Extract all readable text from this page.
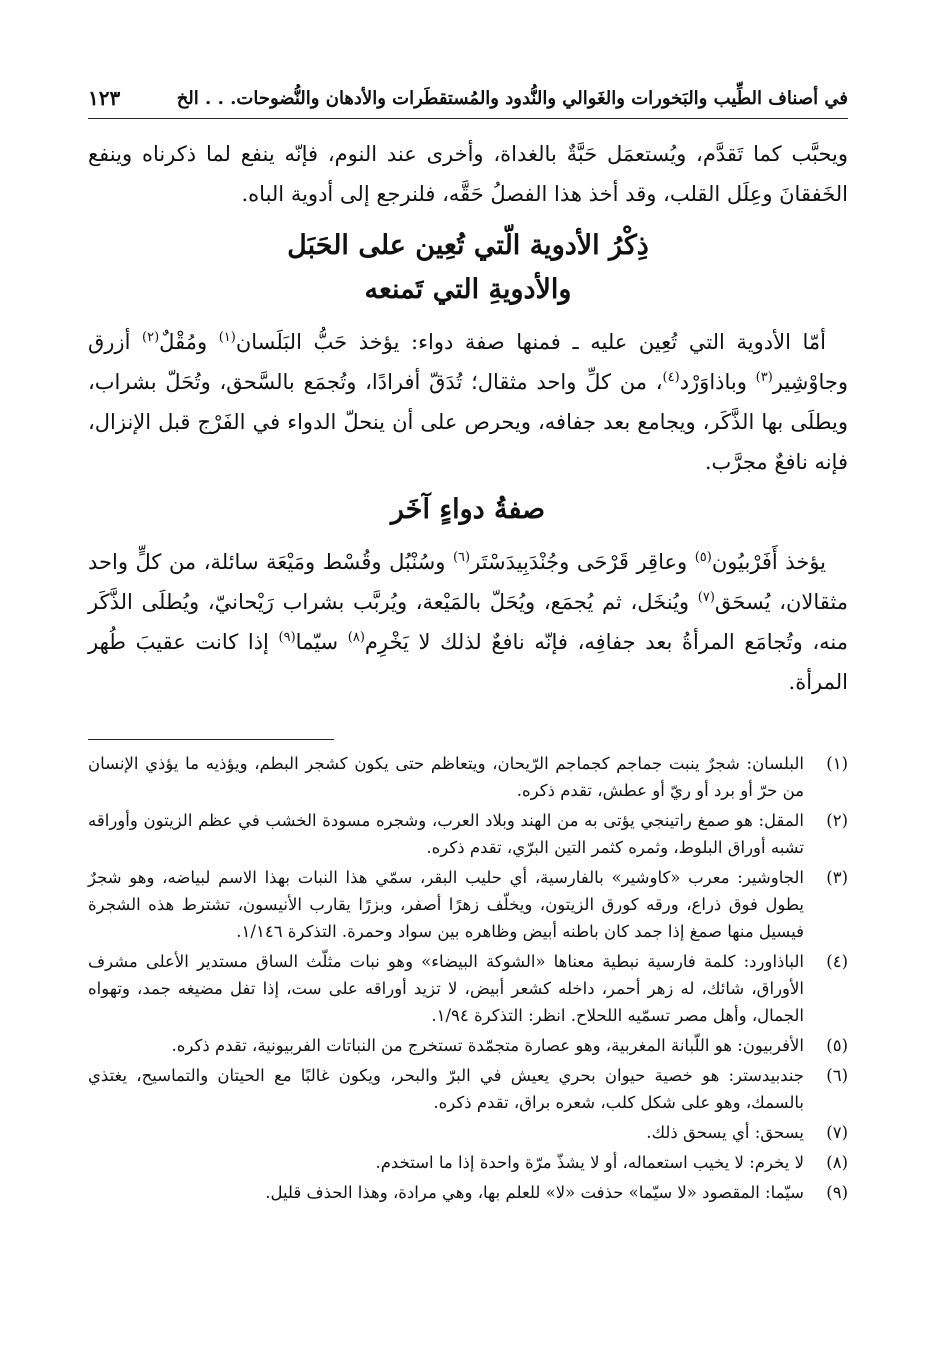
في أصناف الطِّيب والبَخورات والغَوالي والنُّدود والمُستقطَرات والأدهان والنُّضوحات. . . الخ
١٢٣

ويحبَّب كما تَقدَّم، ويُستعمَل حَبَّةٌ بالغداة، وأخرى عند النوم، فإنّه ينفع لما ذكرناه وينفع الخَفقانَ وعِلَل القلب، وقد أخذ هذا الفصلُ حَقَّه، فلنرجع إلى أدوية الباه.

ذِكْرُ الأدوية الّتي تُعِين على الحَبَل
والأدويةِ التي تَمنعه

أمّا الأدوية التي تُعِين عليه ـ فمنها صفة دواء: يؤخذ حَبُّ البَلَسان$^{(١)}$ ومُقْلٌ$^{(٢)}$ أزرق وجاوْشِير$^{(٣)}$ وباذاوَرْد$^{(٤)}$، من كلِّ واحد مثقال؛ تُدَقّ أفرادًا، وتُجمَع بالسَّحق، وتُحَلّ بشراب، ويطلَى بها الذَّكَر، ويجامع بعد جفافه، ويحرص على أن ينحلّ الدواء في الفَرْج قبل الإنزال، فإنه نافعٌ مجرَّب.

صفةُ دواءٍ آخَر

يؤخذ أَفَرْبيُون$^{(٥)}$ وعاقِر قَرْحَى وجُنْدَبِيدَسْتَر$^{(٦)}$ وسُنْبُل وقُسْط ومَيْعَة سائلة، من كلٍّ واحد مثقالان، يُسحَق$^{(٧)}$ ويُنخَل، ثم يُجمَع، ويُحَلّ بالمَيْعة، ويُربَّب بشراب رَيْحانيّ، ويُطلَى الذَّكَر منه، وتُجامَع المرأةُ بعد جفافِه، فإنّه نافعٌ لذلك لا يَخْرِم$^{(٨)}$ سيّما$^{(٩)}$ إذا كانت عقيبَ طُهر المرأة.

(١)
البلسان: شجرٌ ينبت جماجم كجماجم الرّيحان، ويتعاظم حتى يكون كشجر البطم، ويؤذيه ما يؤذي الإنسان من حرّ أو برد أو ريّ أو عطش، تقدم ذكره.
(٢)
المقل: هو صمغ راتينجي يؤتى به من الهند وبلاد العرب، وشجره مسودة الخشب في عظم الزيتون وأوراقه تشبه أوراق البلوط، وثمره كثمر التين البرّي، تقدم ذكره.
(٣)
الجاوشير: معرب «كاوشير» بالفارسية، أي حليب البقر، سمّي هذا النبات بهذا الاسم لبياضه، وهو شجرٌ يطول فوق ذراع، ورقه كورق الزيتون، ويخلّف زهرًا أصفر، وبزرًا يقارب الأنيسون، تشترط هذه الشجرة فيسيل منها صمغ إذا جمد كان باطنه أبيض وظاهره بين سواد وحمرة. التذكرة ١/١٤٦.
(٤)
الباذاورد: كلمة فارسية نبطية معناها «الشوكة البيضاء» وهو نبات مثلّث الساق مستدير الأعلى مشرف الأوراق، شائك، له زهر أحمر، داخله كشعر أبيض، لا تزيد أوراقه على ست، إذا تفل مضيغه جمد، وتهواه الجمال، وأهل مصر تسمّيه اللحلاح. انظر: التذكرة ١/٩٤.
(٥)
الأفربيون: هو اللّبانة المغربية، وهو عصارة متجمّدة تستخرج من النباتات الفربيونية، تقدم ذكره.
(٦)
جندبيدستر: هو خصية حيوان بحري يعيش في البرّ والبحر، ويكون غالبًا مع الحيتان والتماسيح، يغتذي بالسمك، وهو على شكل كلب، شعره براق، تقدم ذكره.
(٧)
يسحق: أي يسحق ذلك.
(٨)
لا يخرم: لا يخيب استعماله، أو لا يشذّ مرّة واحدة إذا ما استخدم.
(٩)
سيّما: المقصود «لا سيّما» حذفت «لا» للعلم بها، وهي مرادة، وهذا الحذف قليل.
